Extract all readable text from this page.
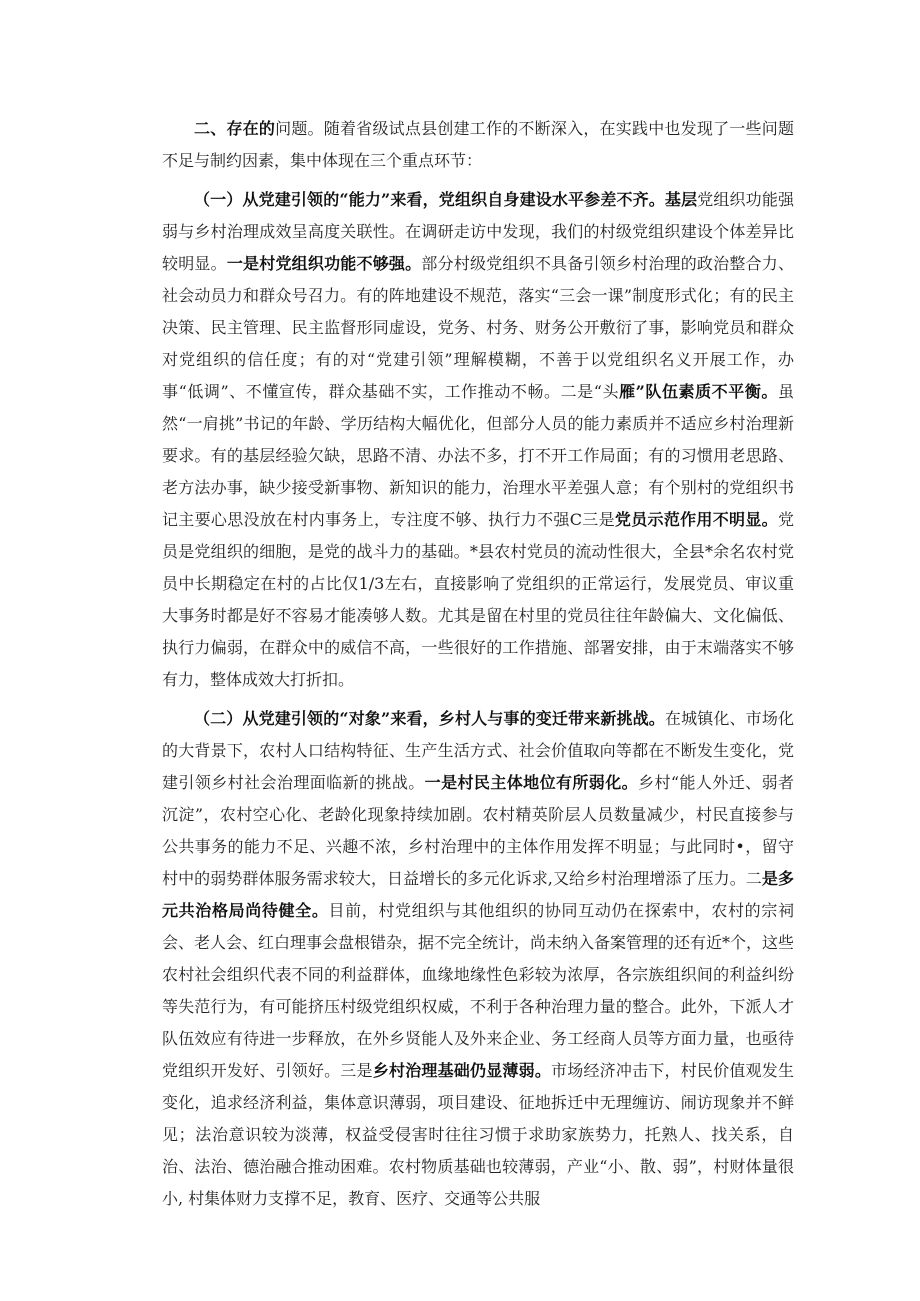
二、存在的问题。随着省级试点县创建工作的不断深入，在实践中也发现了一些问题不足与制约因素，集中体现在三个重点环节：

（一）从党建引领的“能力”来看，党组织自身建设水平参差不齐。基层党组织功能强弱与乡村治理成效呈高度关联性。在调研走访中发现，我们的村级党组织建设个体差异比较明显。一是村党组织功能不够强。部分村级党组织不具备引领乡村治理的政治整合力、社会动员力和群众号召力。有的阵地建设不规范，落实“三会一课”制度形式化；有的民主决策、民主管理、民主监督形同虚设，党务、村务、财务公开敷衍了事，影响党员和群众对党组织的信任度；有的对“党建引领”理解模糊，不善于以党组织名义开展工作，办事“低调”、不懂宣传，群众基础不实，工作推动不畅。二是“头雁”队伍素质不平衡。虽然“一肩挑”书记的年龄、学历结构大幅优化，但部分人员的能力素质并不适应乡村治理新要求。有的基层经验欠缺，思路不清、办法不多，打不开工作局面；有的习惯用老思路、老方法办事，缺少接受新事物、新知识的能力，治理水平差强人意；有个别村的党组织书记主要心思没放在村内事务上，专注度不够、执行力不强C三是党员示范作用不明显。党员是党组织的细胞，是党的战斗力的基础。*县农村党员的流动性很大，全县*余名农村党员中长期稳定在村的占比仅1/3左右，直接影响了党组织的正常运行，发展党员、审议重大事务时都是好不容易才能凑够人数。尤其是留在村里的党员往往年龄偏大、文化偏低、执行力偏弱，在群众中的威信不高，一些很好的工作措施、部署安排，由于末端落实不够有力，整体成效大打折扣。

（二）从党建引领的“对象”来看，乡村人与事的变迁带来新挑战。在城镇化、市场化的大背景下，农村人口结构特征、生产生活方式、社会价值取向等都在不断发生变化，党建引领乡村社会治理面临新的挑战。一是村民主体地位有所弱化。乡村“能人外迁、弱者沉淀”，农村空心化、老龄化现象持续加剧。农村精英阶层人员数量减少，村民直接参与公共事务的能力不足、兴趣不浓，乡村治理中的主体作用发挥不明显；与此同时•，留守村中的弱势群体服务需求较大，日益增长的多元化诉求,又给乡村治理增添了压力。二是多元共治格局尚待健全。目前，村党组织与其他组织的协同互动仍在探索中，农村的宗祠会、老人会、红白理事会盘根错杂，据不完全统计，尚未纳入备案管理的还有近*个，这些农村社会组织代表不同的利益群体，血缘地缘性色彩较为浓厚，各宗族组织间的利益纠纷等失范行为，有可能挤压村级党组织权威，不利于各种治理力量的整合。此外，下派人才队伍效应有待进一步释放，在外乡贤能人及外来企业、务工经商人员等方面力量，也亟待党组织开发好、引领好。三是乡村治理基础仍显薄弱。市场经济冲击下，村民价值观发生变化，追求经济利益，集体意识薄弱，项目建设、征地拆迁中无理缠访、闹访现象并不鲜见；法治意识较为淡薄，权益受侵害时往往习惯于求助家族势力，托熟人、找关系，自治、法治、德治融合推动困难。农村物质基础也较薄弱，产业“小、散、弱”，村财体量很小, 村集体财力支撑不足，教育、医疗、交通等公共服
